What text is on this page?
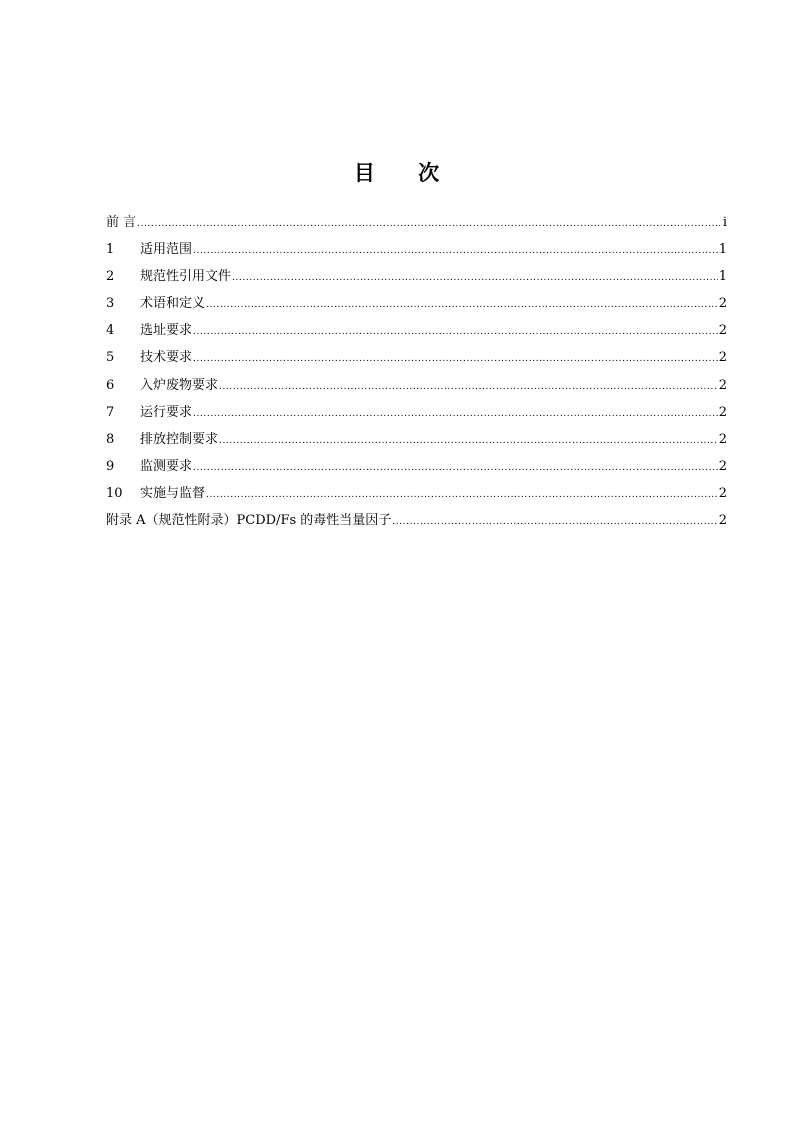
目 次
前 言 .....	i
1	适用范围 .....	1
2	规范性引用文件 .....	1
3	术语和定义 .....	2
4	选址要求 .....	2
5	技术要求 .....	2
6	入炉废物要求 .....	2
7	运行要求 .....	2
8	排放控制要求 .....	2
9	监测要求 .....	2
10	实施与监督 .....	2
附录 A（规范性附录）PCDD/Fs 的毒性当量因子 .....	2
